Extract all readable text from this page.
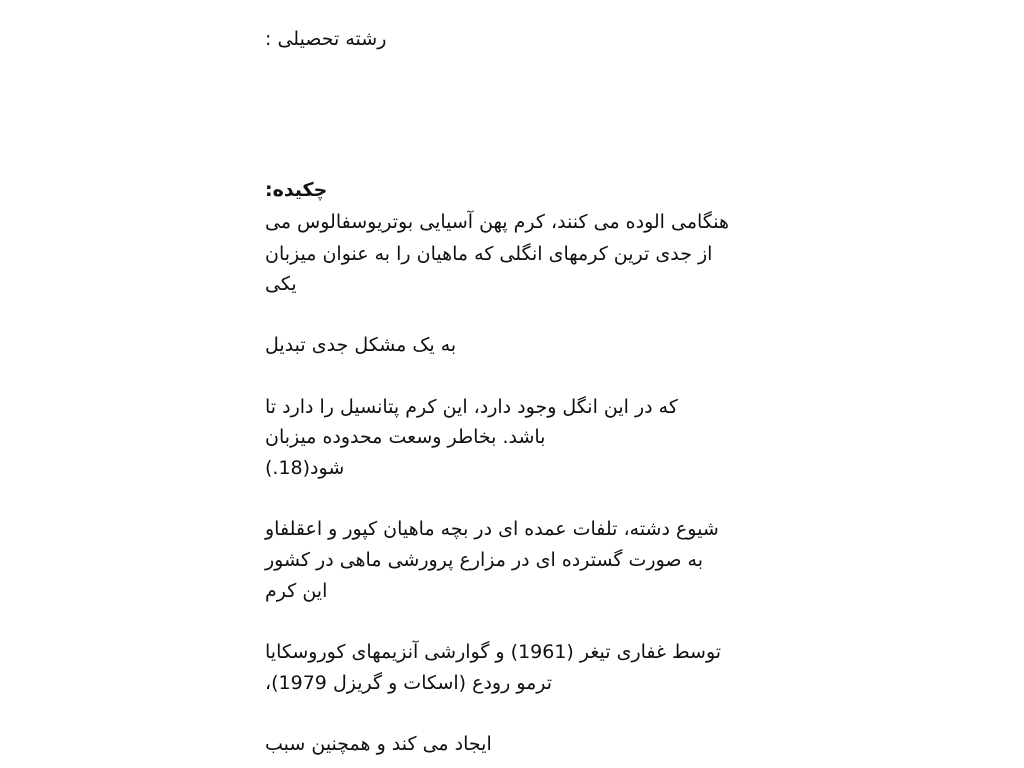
رشته تحصیلی :
چکیده:
هنگامی الوده می کنند، کرم پهن آسیایی بوتریوسفالوس می
از جدی ترین کرمهای انگلی که ماهیان را به عنوان میزبان
یکی
به یک مشکل جدی تبدیل
که در این انگل وجود دارد، این کرم پتانسیل را دارد تا
باشد. بخاطر وسعت محدوده میزبان
شود(18.)
شیوع دشته، تلفات عمده ای در بچه ماهیان کپور و اعقلفاو
به صورت گسترده ای در مزارع پرورشی ماهی در کشور
این کرم
توسط غفاری تیغر (1961) و گوارشی آنزیمهای کوروسکایا
ترمو رودع (اسکات و گریزل 1979)،
ایجاد می کند و همچنین سبب
